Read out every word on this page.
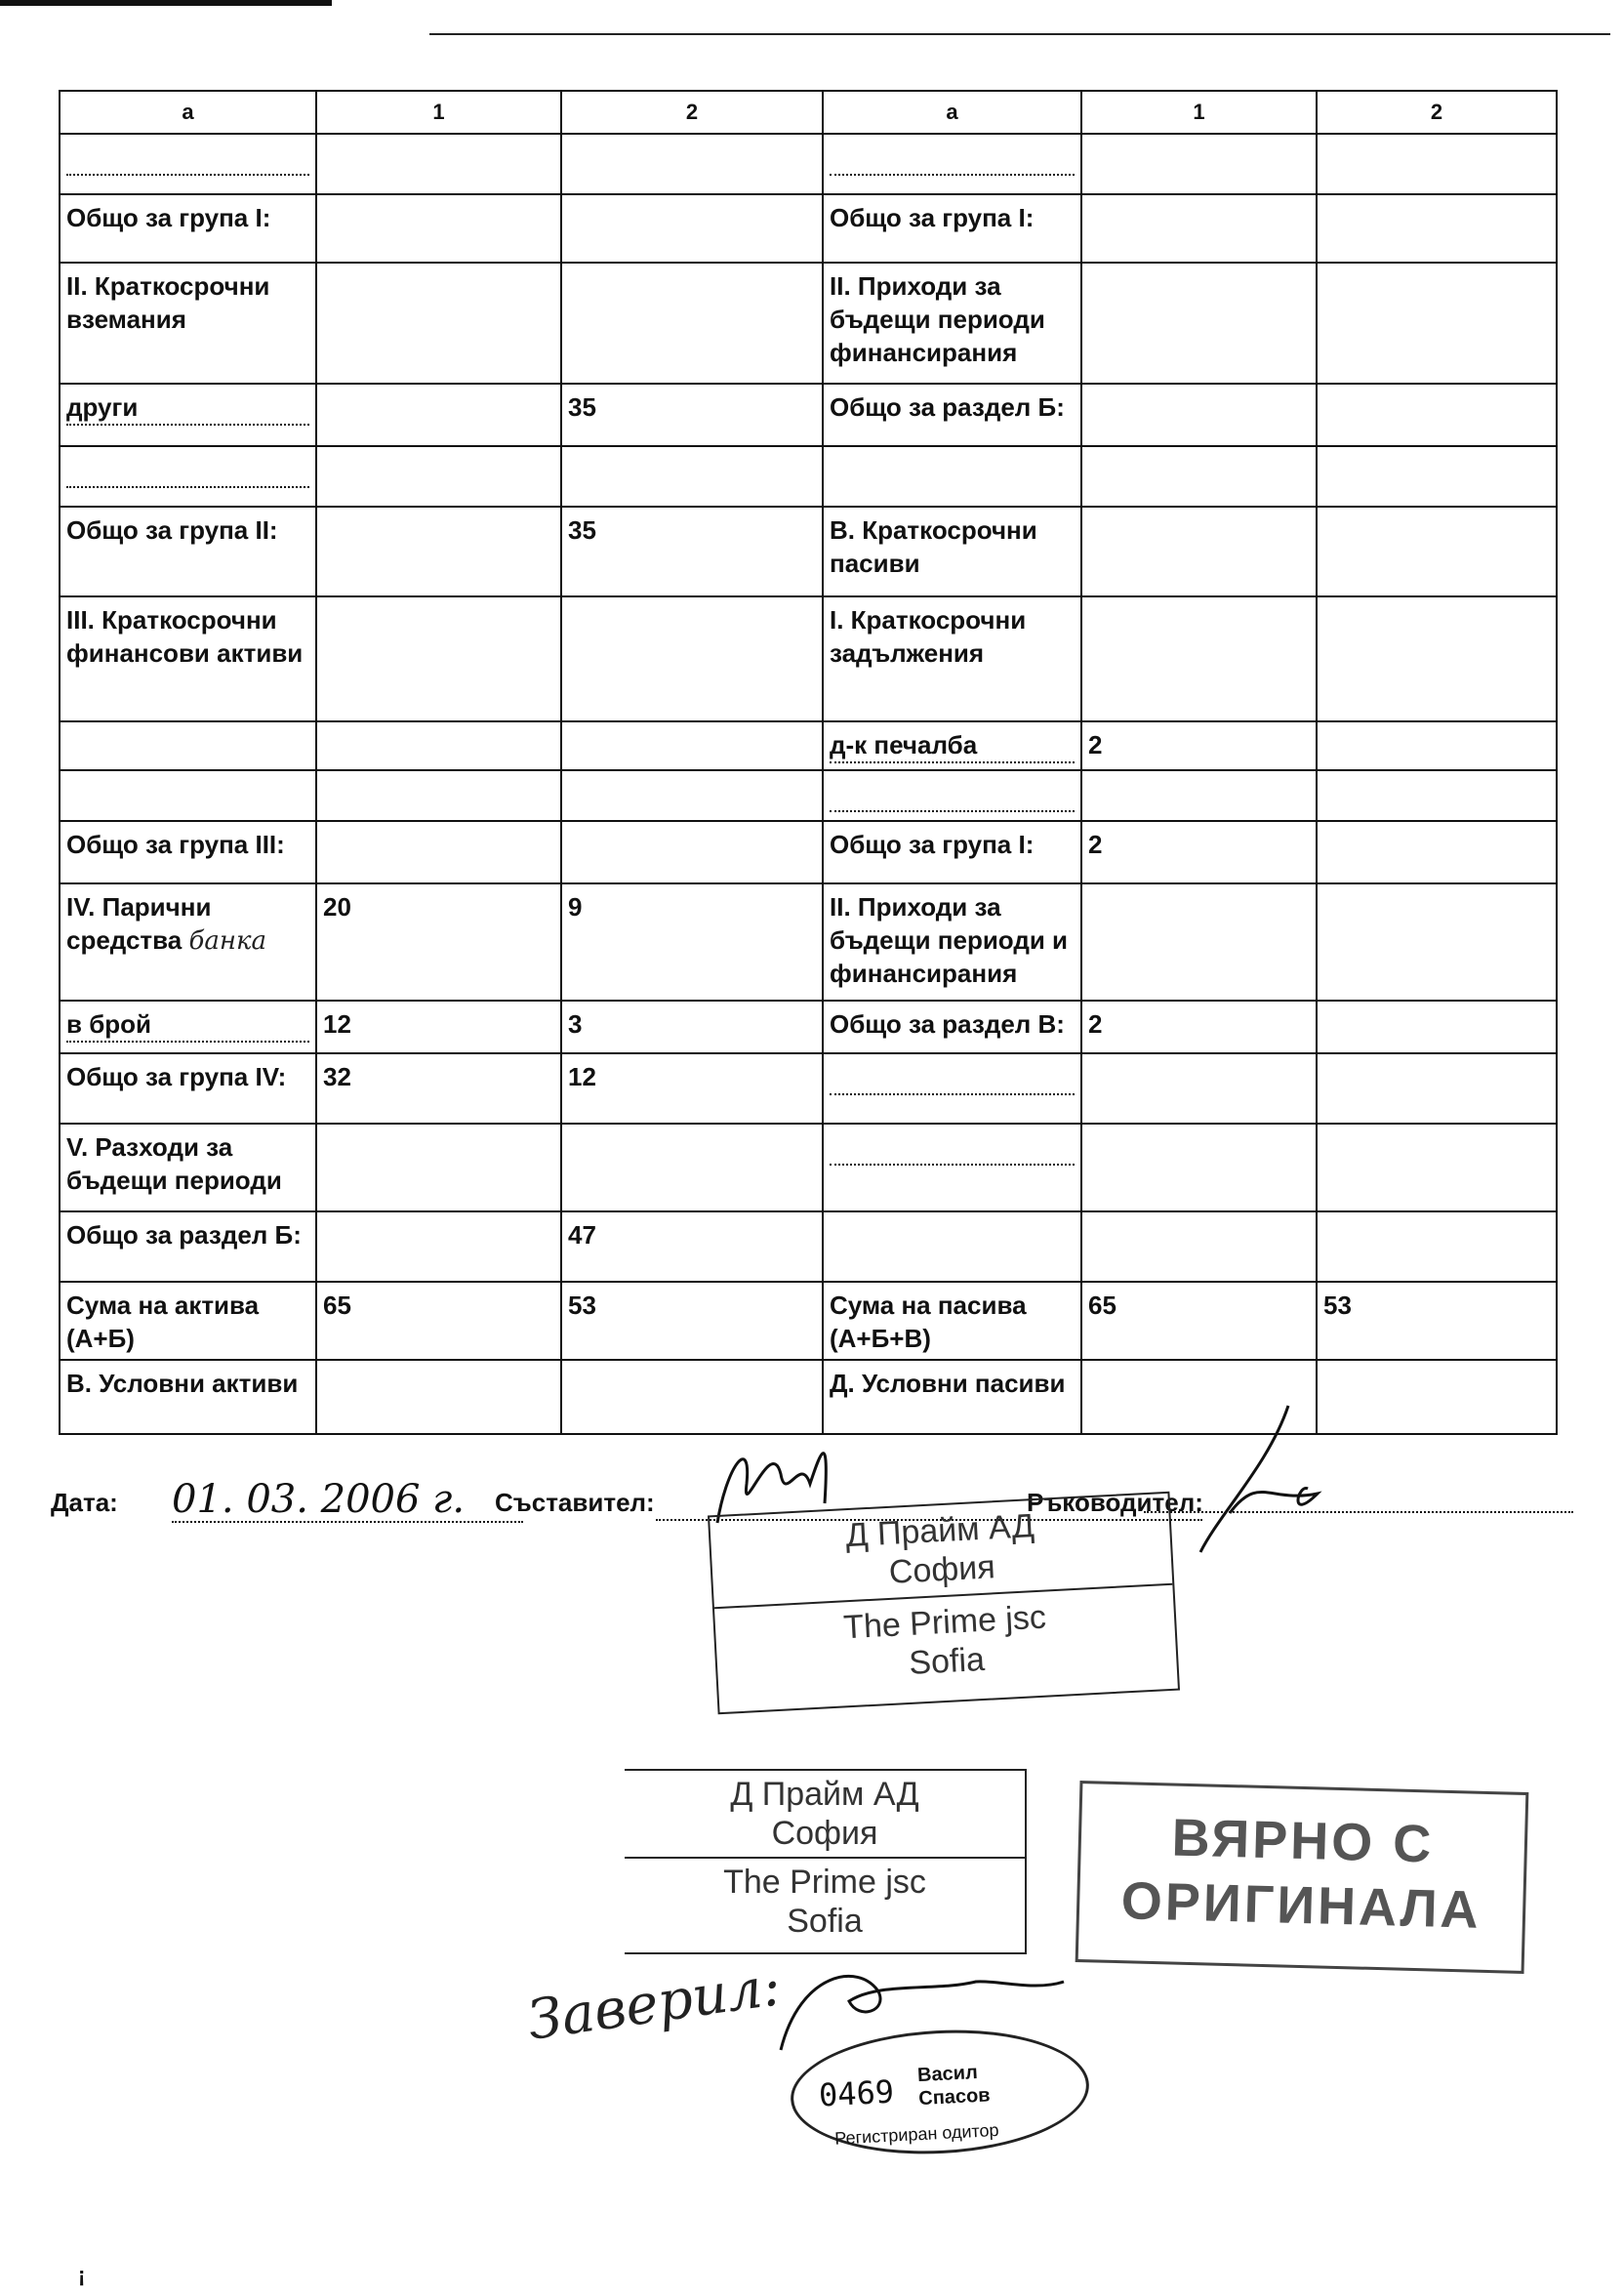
а	1	2	а	1	2

Общо за група I:			Общо за група I:		
II. Краткосрочни вземания			II. Приходи за бъдещи периоди финансирания		

други		35	Общо за раздел Б:		

Общо за група II:		35	В. Краткосрочни пасиви		
III. Краткосрочни финансови активи			I. Краткосрочни задължения		

			д-к печалба	2	

Общо за група III:			Общо за група I:	2	
IV. Парични средства банка	20	9	II. Приходи за бъдещи периоди и финансирания		

в брой	12	3	Общо за раздел В:	2	
Общо за група IV:	32	12	

V. Разходи за бъдещи периоди			

Общо за раздел Б:		47			
Сума на актива (А+Б)	65	53	Сума на пасива (А+Б+В)	65	53
В. Условни активи			Д. Условни пасиви		
Дата: 01. 03. 2006 г.	Съставител:	Ръководител:
Д Прайм АД
София
The Prime jsc
Sofia
Д Прайм АД
София
The Prime jsc
Sofia
ВЯРНО С
ОРИГИНАЛА
Заверил:
0469 Васил
Спасов
Регистриран одитор
¡
